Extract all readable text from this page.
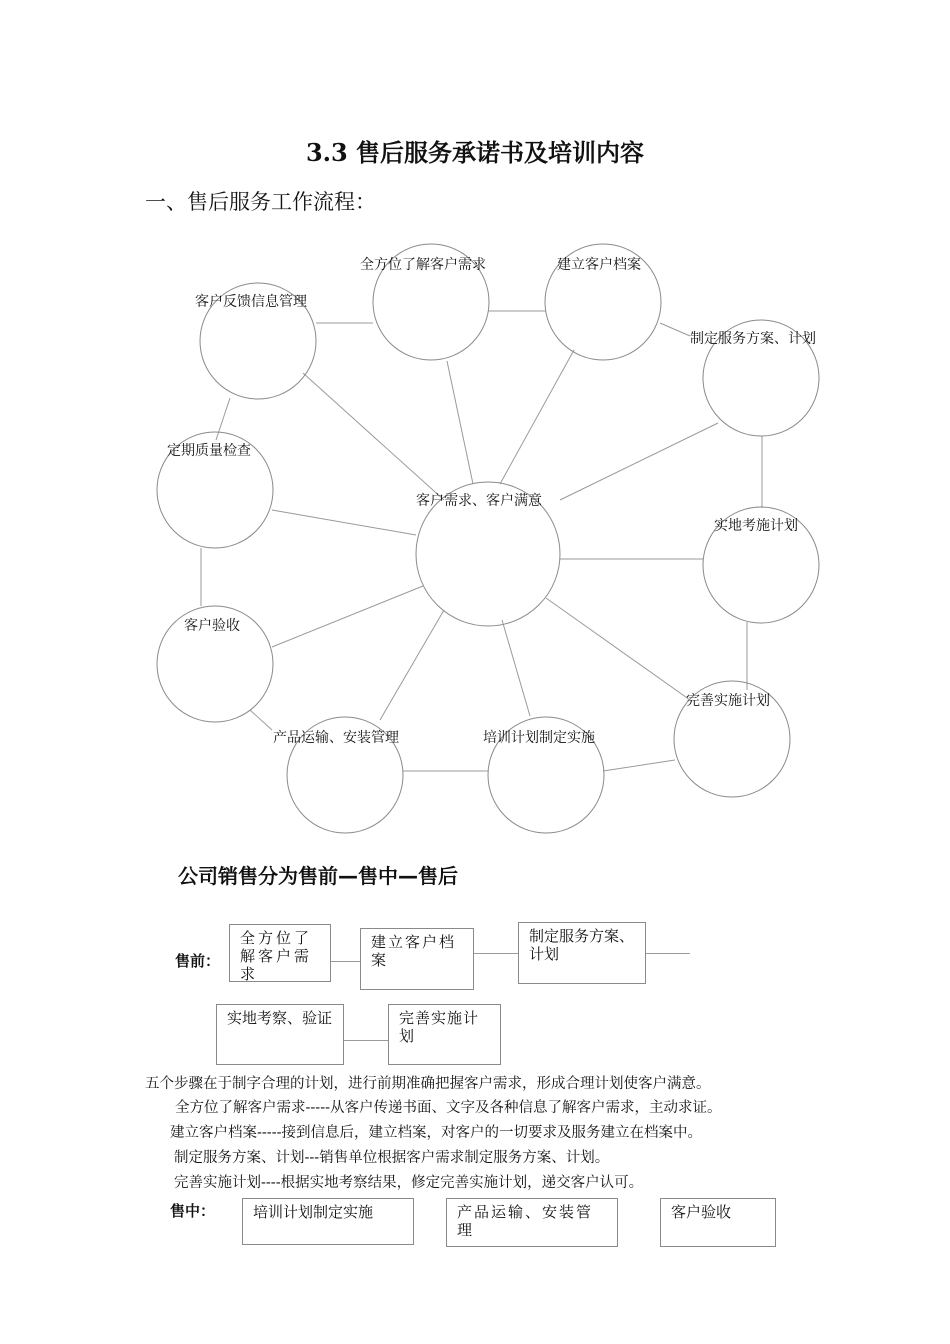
3.3 售后服务承诺书及培训内容
一、售后服务工作流程：
客户需求、客户满意
全方位了解客户需求	建立客户档案
制定服务方案、计划
实地考施计划
完善实施计划
培训计划制定实施
产品运输、安装管理
客户验收
定期质量检查
客户反馈信息管理
公司销售分为售前—售中—售后
售前：
全方位了解客户需求
建立客户档案
制定服务方案、计划
实地考察、验证	完善实施计划
五个步骤在于制字合理的计划，进行前期准确把握客户需求，形成合理计划使客户满意。
全方位了解客户需求-----从客户传递书面、文字及各种信息了解客户需求，主动求证。
建立客户档案-----接到信息后，建立档案，对客户的一切要求及服务建立在档案中。
制定服务方案、计划---销售单位根据客户需求制定服务方案、计划。
完善实施计划----根据实地考察结果，修定完善实施计划，递交客户认可。
售中：	培训计划制定实施	产品运输、安装管理
客户验收
